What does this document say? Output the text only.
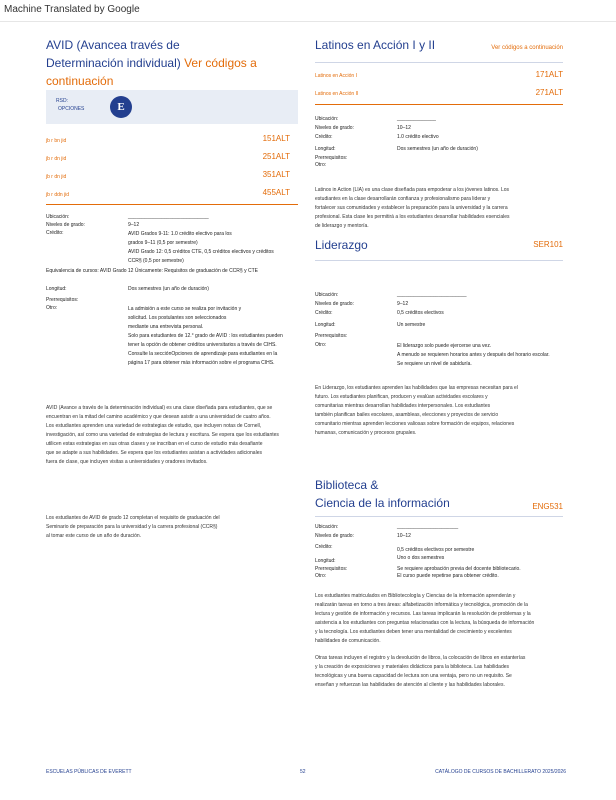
Machine Translated by Google
AVID (Avancea través de
Determinación individual) Ver códigos a continuación
RSD:
OPCIONES	E
jb r bn jid	151ALT
jb r dn jid	251ALT
jb r dn jid	351ALT
jb r ddn jid	455ALT
Ubicación:	_____________________________
Niveles de grado:	9–12
Crédito:	AVID Grados 9-11: 1.0 crédito electivo para los
grados 9–11 (0,5 por semestre)
AVID Grado 12: 0,5 créditos CTE, 0,5 créditos electivos y créditos
CCR§ (0,5 por semestre)
Equivalencia de cursos: AVID Grado 12 Únicamente: Requisitos de graduación de CCR§ y CTE
Longitud:	Dos semestres (un año de duración)
Prerrequisitos:
Otro:	La admisión a este curso se realiza por invitación y
solicitud. Los postulantes son seleccionados
mediante una entrevista personal.
Solo para estudiantes de 12.° grado de AVID : los estudiantes pueden
tener la opción de obtener créditos universitarios a través de CIHS.
Consulte la secciónOpciones de aprendizaje para estudiantes en la
página 17 para obtener más información sobre el programa CIHS.
AVID (Avance a través de la determinación individual) es una clase diseñada para estudiantes, que se
encuentran en la mitad del camino académico y que desean asistir a una universidad de cuatro años.
Los estudiantes aprenden una variedad de estrategias de estudio, que incluyen notas de Cornell,
investigación, así como una variedad de estrategias de lectura y escritura. Se espera que los estudiantes
utilicen estas estrategias en sus otras clases y se inscriban en el curso de estudio más desafiante
que se adapte a sus habilidades. Se espera que los estudiantes asistan a actividades adicionales
fuera de clase, que incluyen visitas a universidades y oradores invitados.
Los estudiantes de AVID de grado 12 completan el requisito de graduación del
Seminario de preparación para la universidad y la carrera profesional (CCR§)
al tomar este curso de un año de duración.
Latinos en Acción I y II	Ver códigos a continuación
Latinos en Acción I	171ALT
Latinos en Acción II	271ALT
Ubicación:	______________
Niveles de grado:	10–12
Crédito:	1.0 crédito electivo
Longitud:	Dos semestres (un año de duración)
Prerrequisitos:
Otro:
Latinos in Action (LIA) es una clase diseñada para empoderar a los jóvenes latinos. Los
estudiantes en la clase desarrollarán confianza y profesionalismo para liderar y
fortalecer sus comunidades y establecer la preparación para la universidad y la carrera
profesional. Esta clase les permitirá a los estudiantes desarrollar habilidades esenciales
de liderazgo y mentoría.
Liderazgo	SER101
Ubicación:	_________________________
Niveles de grado:	9–12
Crédito:	0,5 créditos electivos
Longitud:	Un semestre
Prerrequisitos:
Otro:	El liderazgo solo puede ejercerse una vez.
A menudo se requieren horarios antes y después del horario escolar.
Se requiere un nivel de sabiduría.
En Liderazgo, los estudiantes aprenden las habilidades que las empresas necesitan para el
futuro. Los estudiantes planifican, producen y evalúan actividades escolares y
comunitarias mientras desarrollan habilidades interpersonales. Los estudiantes
también planifican bailes escolares, asambleas, elecciones y proyectos de servicio
comunitario mientras aprenden lecciones valiosas sobre formación de equipos, relaciones
humanas, comunicación y procesos grupales.
Biblioteca &
Ciencia de la información	ENG531
Ubicación:	______________________
Niveles de grado:	10–12
Crédito:	0,5 créditos electivos por semestre
Longitud:	Uno o dos semestres
Prerrequisitos:	Se requiere aprobación previa del docente bibliotecario.
Otro:	El curso puede repetirse para obtener crédito.
Los estudiantes matriculados en Bibliotecología y Ciencias de la información aprenderán y
realizarán tareas en torno a tres áreas: alfabetización informática y tecnológica, promoción de la
lectura y gestión de información y recursos. Las tareas implicarán la resolución de problemas y la
asistencia a los estudiantes con preguntas relacionadas con la lectura, la búsqueda de información
y la tecnología. Los estudiantes deben tener una mentalidad de crecimiento y excelentes
habilidades de comunicación.
Otras tareas incluyen el registro y la devolución de libros, la colocación de libros en estanterías
y la creación de exposiciones y materiales didácticos para la biblioteca. Las habilidades
tecnológicas y una buena capacidad de lectura son una ventaja, pero no un requisito. Se
enseñan y refuerzan las habilidades de atención al cliente y las habilidades laborales.
ESCUELAS PÚBLICAS DE EVERETT	52	CATÁLOGO DE CURSOS DE BACHILLERATO 2025/2026
